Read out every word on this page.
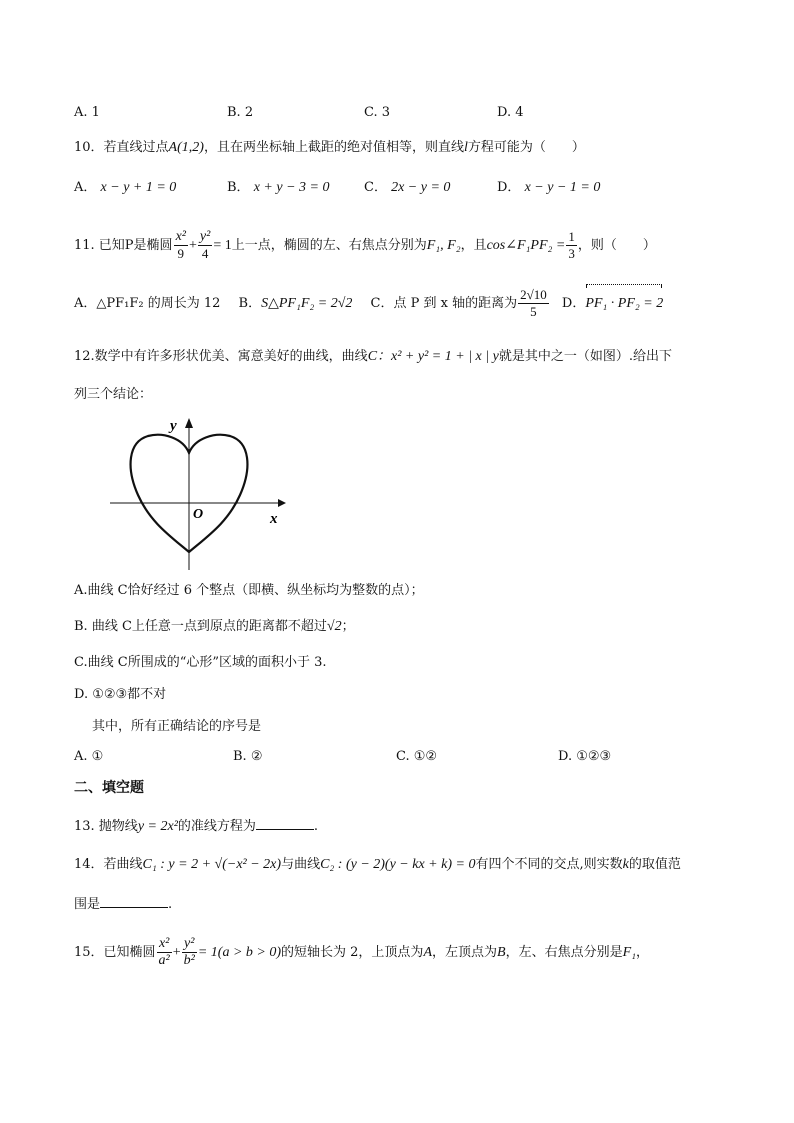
A. 1	B. 2	C. 3	D. 4
10．若直线过点A(1,2)，且在两坐标轴上截距的绝对值相等，则直线l方程可能为（　　）
A． x − y + 1 = 0	B． x + y − 3 = 0	C． 2x − y = 0	D． x − y − 1 = 0
11. 已知P是椭圆 $\frac{\text{x²}}{9} + \frac{\text{y²}}{4} = 1$上一点，椭圆的左、右焦点分别为F₁, F₂，且cos∠F₁PF₂ = $\frac{1}{3}$ ，则（　　）
A．△PF₁F₂ 的周长为 12 B．S△PF₁F₂ = 2√2 C．点 P 到 x 轴的距离为 $\frac{2√10}{5}$ D．PF₁ · PF₂ = 2
12.数学中有许多形状优美、寓意美好的曲线，曲线C：x² + y² = 1 + | x | y就是其中之一（如图）.给出下
列三个结论：
y
O	x
A.曲线 C恰好经过 6 个整点（即横、纵坐标均为整数的点）；
B. 曲线 C上任意一点到原点的距离都不超过√2；
C.曲线 C所围成的“心形”区域的面积小于 3.
D. ①②③都不对
其中，所有正确结论的序号是
A. ①	B. ②	C. ①②	D. ①②③
二、填空题
13. 抛物线y = 2x²的准线方程为	.
14．若曲线C₁ : y = 2 + √(−x² − 2x)与曲线C₂ : (y − 2)(y − kx + k) = 0有四个不同的交点,则实数k的取值范
围是	.
15．已知椭圆 $\frac{\text{x²}}{\text{a²}} + \frac{\text{y²}}{\text{b²}} = 1(a > b > 0)$的短轴长为 2，上顶点为A，左顶点为B，左、右焦点分别是F₁，
